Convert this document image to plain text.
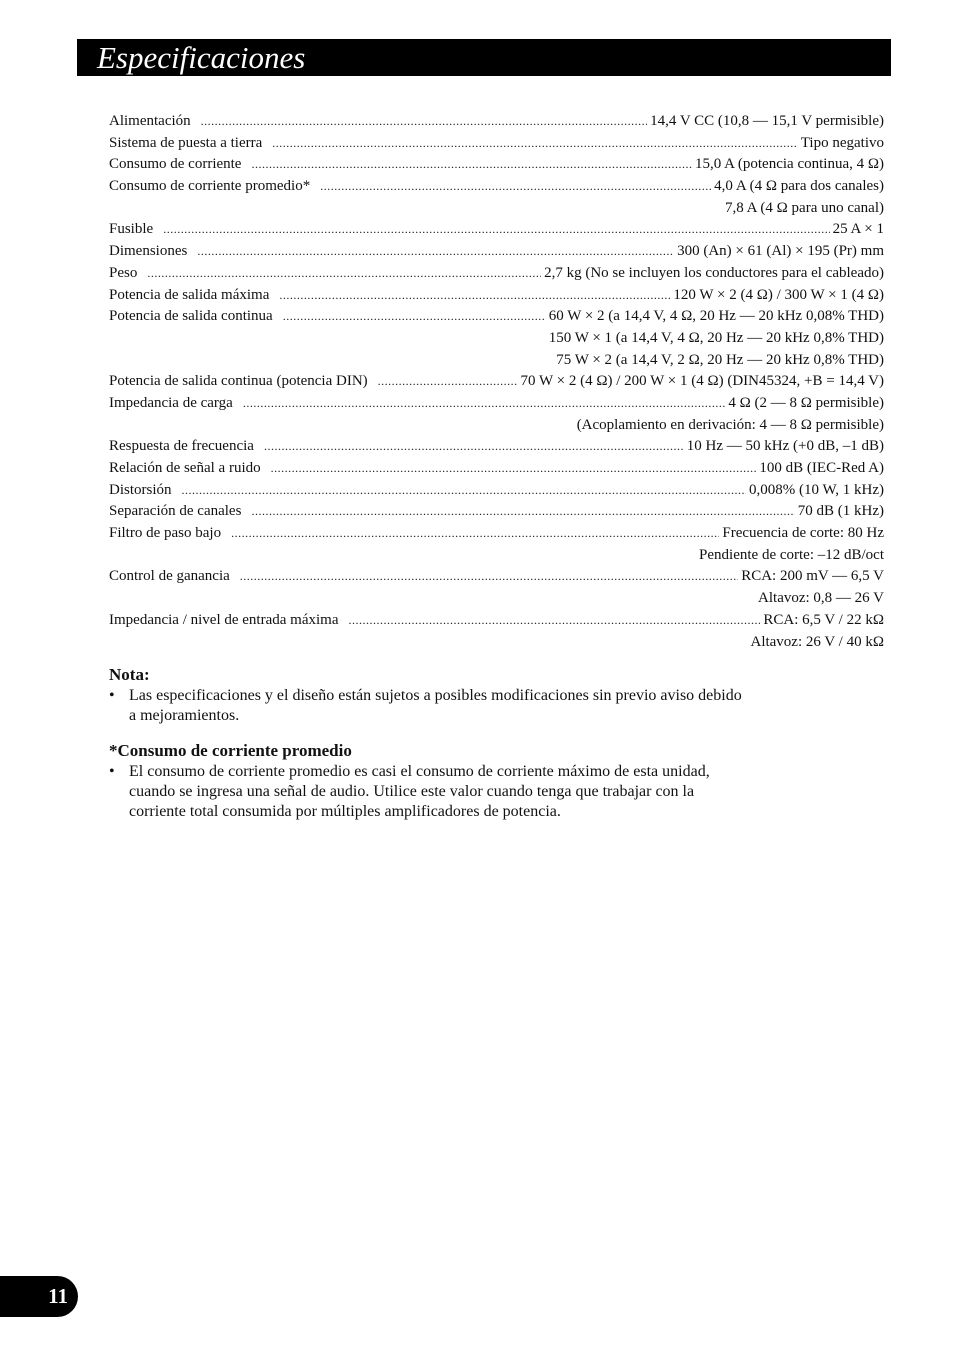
Especificaciones
Alimentación .....	14,4 V CC (10,8 — 15,1 V permisible)
Sistema de puesta a tierra .....	Tipo negativo
Consumo de corriente .....	15,0 A (potencia continua, 4 Ω)
Consumo de corriente promedio* .....	4,0 A (4 Ω para dos canales)
7,8 A (4 Ω para uno canal)
Fusible .....	25 A × 1
Dimensiones .....	300 (An) × 61 (Al) × 195 (Pr) mm
Peso .....	2,7 kg (No se incluyen los conductores para el cableado)
Potencia de salida máxima .....	120 W × 2 (4 Ω) / 300 W × 1 (4 Ω)
Potencia de salida continua .....	60 W × 2 (a 14,4 V, 4 Ω, 20 Hz — 20 kHz 0,08% THD)
150 W × 1 (a 14,4 V, 4 Ω, 20 Hz — 20 kHz 0,8% THD)
75 W × 2 (a 14,4 V, 2 Ω, 20 Hz — 20 kHz 0,8% THD)
Potencia de salida continua (potencia DIN) .....	70 W × 2 (4 Ω) / 200 W × 1 (4 Ω) (DIN45324, +B = 14,4 V)
Impedancia de carga .....	4 Ω (2 — 8 Ω permisible)
(Acoplamiento en derivación: 4 — 8 Ω permisible)
Respuesta de frecuencia .....	10 Hz — 50 kHz (+0 dB, –1 dB)
Relación de señal a ruido .....	100 dB (IEC-Red A)
Distorsión .....	0,008% (10 W, 1 kHz)
Separación de canales .....	70 dB (1 kHz)
Filtro de paso bajo .....	Frecuencia de corte: 80 Hz
Pendiente de corte: –12 dB/oct
Control de ganancia .....	RCA: 200 mV — 6,5 V
Altavoz: 0,8 — 26 V
Impedancia / nivel de entrada máxima .....	RCA: 6,5 V / 22 kΩ
Altavoz: 26 V / 40 kΩ
Nota:
• Las especificaciones y el diseño están sujetos a posibles modificaciones sin previo aviso debido a mejoramientos.
*Consumo de corriente promedio
• El consumo de corriente promedio es casi el consumo de corriente máximo de esta unidad, cuando se ingresa una señal de audio. Utilice este valor cuando tenga que trabajar con la corriente total consumida por múltiples amplificadores de potencia.
11
